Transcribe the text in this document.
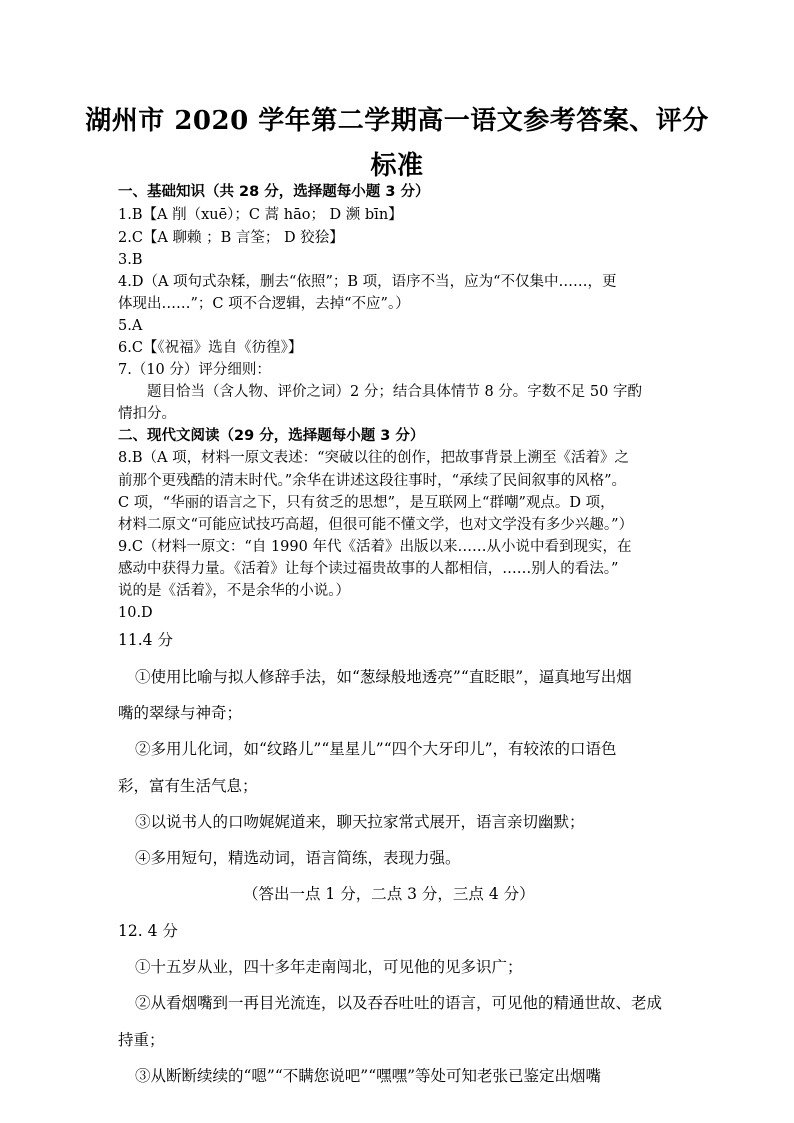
湖州市 2020 学年第二学期高一语文参考答案、评分
标准
一、基础知识（共 28 分，选择题每小题 3 分）
1.B【A 削（xuē）；C 蒿 hāo； D 濒 bīn】
2.C【A 聊赖 ；B 言筌； D 狡狯】
3.B
4.D（A 项句式杂糅，删去“依照”；B 项，语序不当，应为“不仅集中……，更
体现出……”；C 项不合逻辑，去掉“不应”。）
5.A
6.C【《祝福》选自《彷徨》】
7.（10 分）评分细则：
题目恰当（含人物、评价之词）2 分；结合具体情节 8 分。字数不足 50 字酌
情扣分。
二、现代文阅读（29 分，选择题每小题 3 分）
8.B（A 项，材料一原文表述：“突破以往的创作，把故事背景上溯至《活着》之
前那个更残酷的清末时代。”余华在讲述这段往事时，“承续了民间叙事的风格”。
C 项，“华丽的语言之下，只有贫乏的思想”，是互联网上“群嘲”观点。D 项，
材料二原文“可能应试技巧高超，但很可能不懂文学，也对文学没有多少兴趣。”）
9.C（材料一原文：“自 1990 年代《活着》出版以来……从小说中看到现实，在
感动中获得力量。《活着》让每个读过福贵故事的人都相信，……别人的看法。”
说的是《活着》，不是余华的小说。）
10.D
11.4 分
①使用比喻与拟人修辞手法，如“葱绿般地透亮”“直眨眼”，逼真地写出烟
嘴的翠绿与神奇；
②多用儿化词，如“纹路儿”“星星儿”“四个大牙印儿”，有较浓的口语色
彩，富有生活气息；
③以说书人的口吻娓娓道来，聊天拉家常式展开，语言亲切幽默；
④多用短句，精选动词，语言简练，表现力强。
（答出一点 1 分，二点 3 分，三点 4 分）
12. 4 分
①十五岁从业，四十多年走南闯北，可见他的见多识广；
②从看烟嘴到一再目光流连，以及吞吞吐吐的语言，可见他的精通世故、老成
持重；
③从断断续续的“嗯”“不瞒您说吧”“嘿嘿”等处可知老张已鉴定出烟嘴
